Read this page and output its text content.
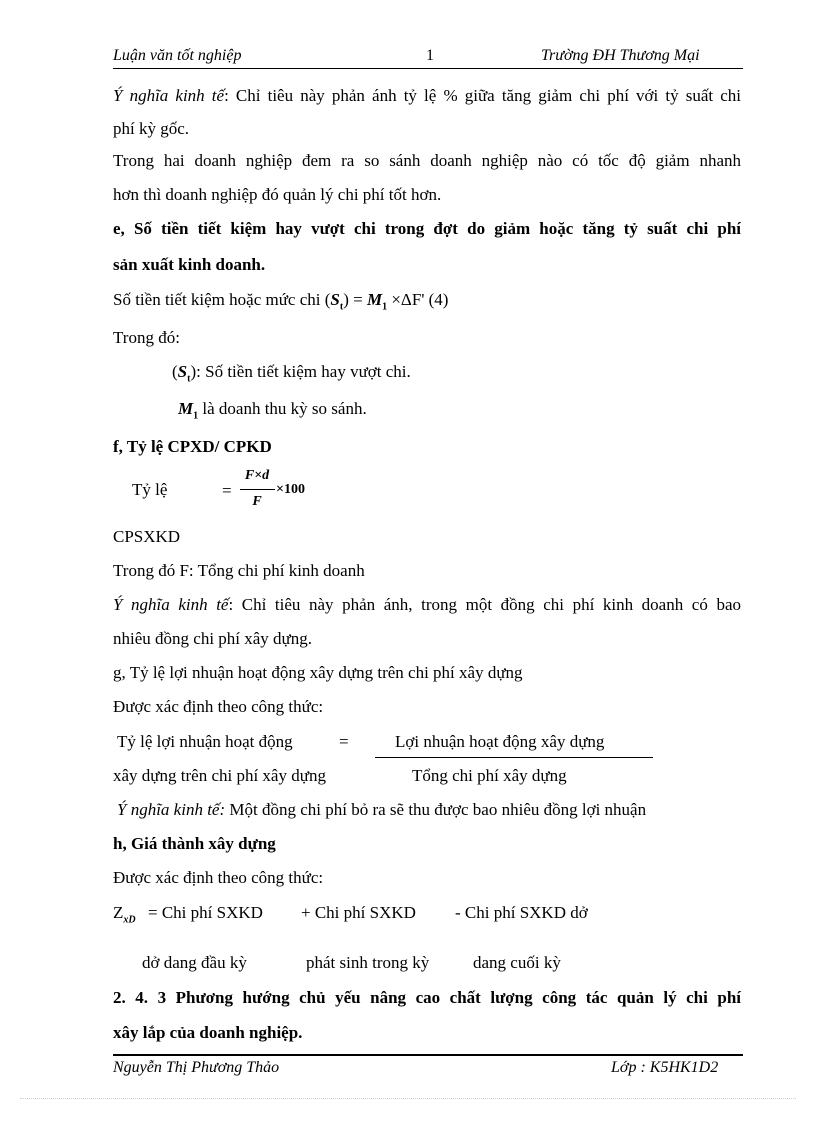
Luận văn tốt nghiệp	1	Trường ĐH Thương Mại
Ý nghĩa kinh tế: Chỉ tiêu này phản ánh tỷ lệ % giữa tăng giảm chi phí với tỷ suất chi
phí kỳ gốc.
Trong hai doanh nghiệp đem ra so sánh doanh nghiệp nào có tốc độ giảm nhanh
hơn thì doanh nghiệp đó quản lý chi phí tốt hơn.
e, Số tiền tiết kiệm hay vượt chi trong đợt do giảm hoặc tăng tỷ suất chi phí
sản xuất kinh doanh.
Số tiền tiết kiệm hoặc mức chi $(S_t) = M_1 \times\Delta F'$ (4)
Trong đó:
$(S_t)$: Số tiền tiết kiệm hay vượt chi.
$M_1$ là doanh thu kỳ so sánh.
f, Tỷ lệ CPXD/ CPKD
Tỷ lệ	=
F×d
F
×100
CPSXKD
Trong đó F: Tổng chi phí kinh doanh
Ý nghĩa kinh tế: Chỉ tiêu này phản ánh, trong một đồng chi phí kinh doanh có bao
nhiêu đồng chi phí xây dựng.
g, Tỷ lệ lợi nhuận hoạt động xây dựng trên chi phí xây dựng
Được xác định theo công thức:
Tỷ lệ lợi nhuận hoạt động	=	Lợi nhuận hoạt động xây dựng
xây dựng trên chi phí xây dựng	Tổng chi phí xây dựng
Ý nghĩa kinh tế: Một đồng chi phí bỏ ra sẽ thu được bao nhiêu đồng lợi nhuận
h, Giá thành xây dựng
Được xác định theo công thức:
$Z_{xD}$ = Chi phí SXKD + Chi phí SXKD - Chi phí SXKD dở
dở dang đầu kỳ	phát sinh trong kỳ	dang cuối kỳ
2. 4. 3 Phương hướng chủ yếu nâng cao chất lượng công tác quản lý chi phí
xây lắp của doanh nghiệp.
Nguyễn Thị Phương Thảo	Lớp : K5HK1D2
